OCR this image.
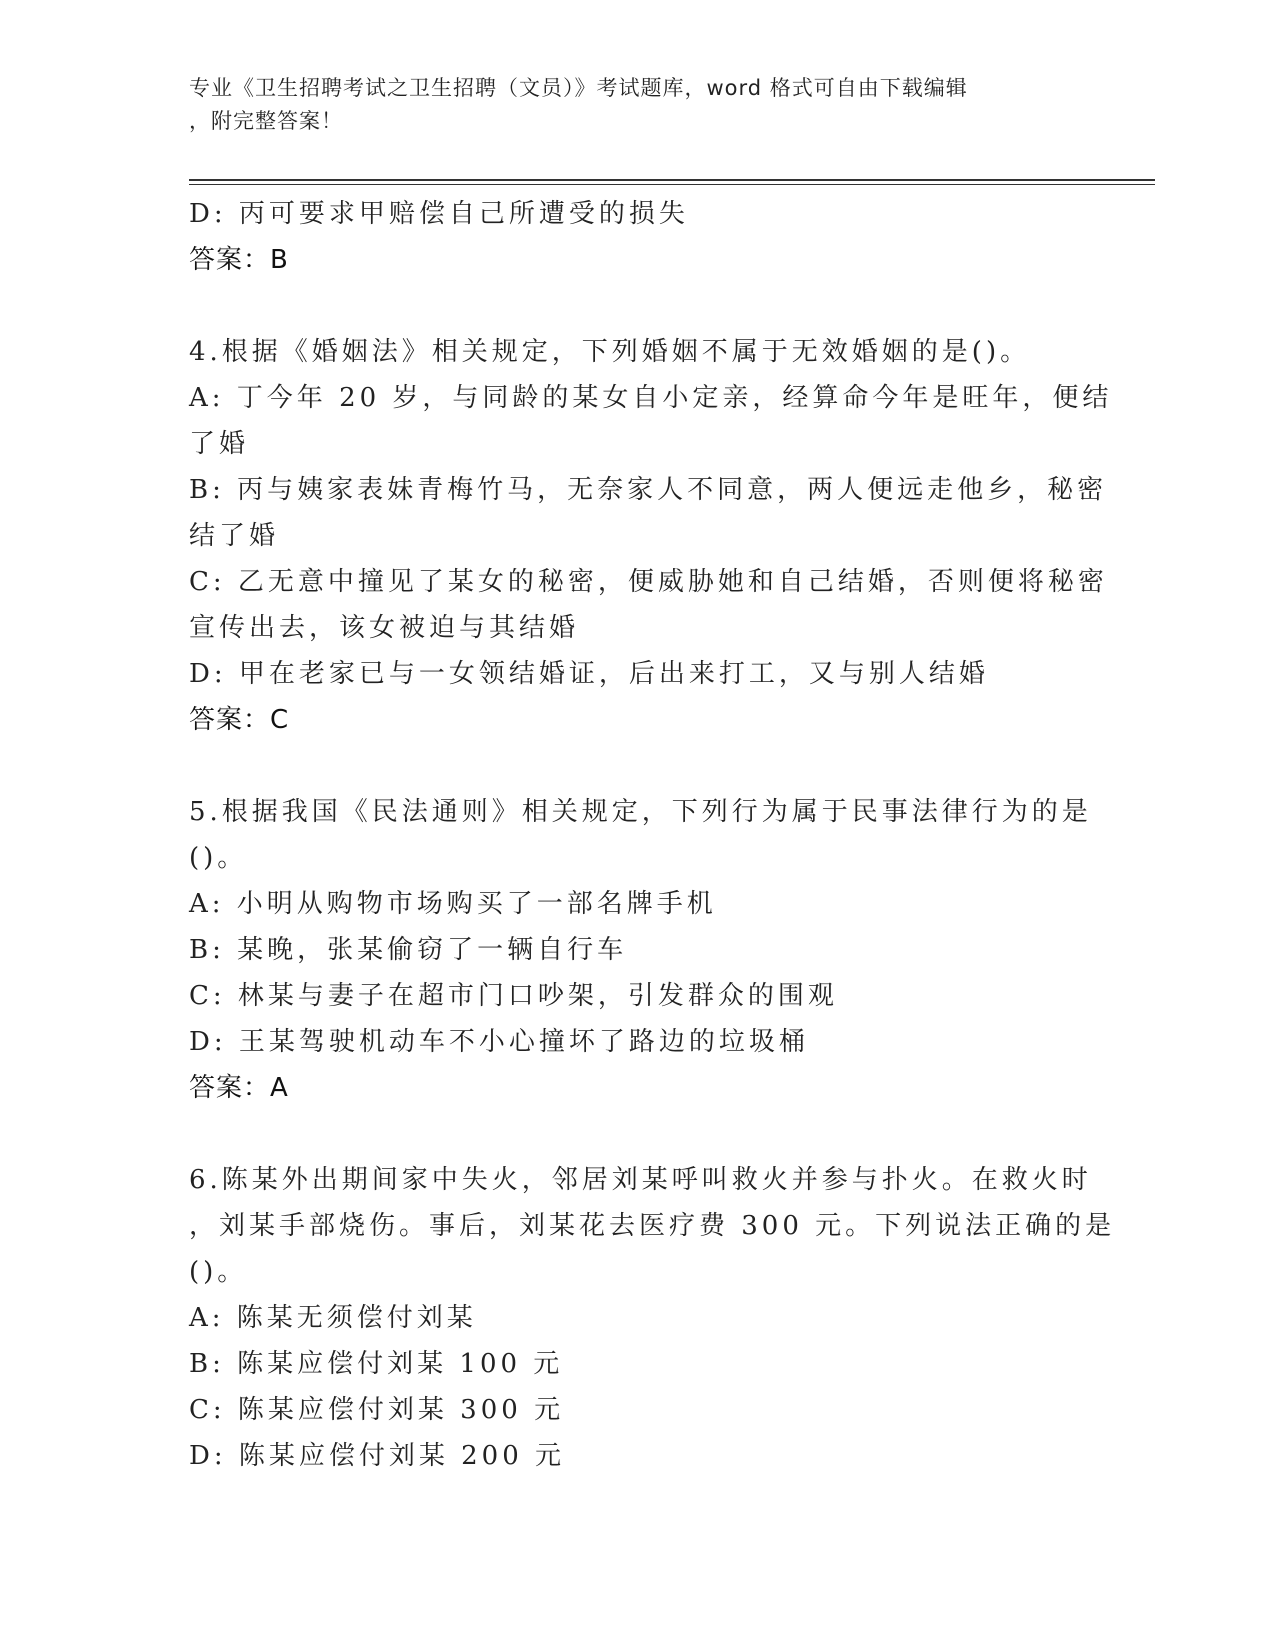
专业《卫生招聘考试之卫生招聘（文员）》考试题库，word 格式可自由下载编辑

，附完整答案！

D: 丙可要求甲赔偿自己所遭受的损失

答案：B

4.根据《婚姻法》相关规定，下列婚姻不属于无效婚姻的是()。

A: 丁今年 20 岁，与同龄的某女自小定亲，经算命今年是旺年，便结

了婚

B: 丙与姨家表妹青梅竹马，无奈家人不同意，两人便远走他乡，秘密

结了婚

C: 乙无意中撞见了某女的秘密，便威胁她和自己结婚，否则便将秘密

宣传出去，该女被迫与其结婚

D: 甲在老家已与一女领结婚证，后出来打工，又与别人结婚

答案：C

5.根据我国《民法通则》相关规定，下列行为属于民事法律行为的是

()。

A: 小明从购物市场购买了一部名牌手机

B: 某晚，张某偷窃了一辆自行车

C: 林某与妻子在超市门口吵架，引发群众的围观

D: 王某驾驶机动车不小心撞坏了路边的垃圾桶

答案：A

6.陈某外出期间家中失火，邻居刘某呼叫救火并参与扑火。在救火时

，刘某手部烧伤。事后，刘某花去医疗费 300 元。下列说法正确的是

()。

A: 陈某无须偿付刘某

B: 陈某应偿付刘某 100 元

C: 陈某应偿付刘某 300 元

D: 陈某应偿付刘某 200 元
